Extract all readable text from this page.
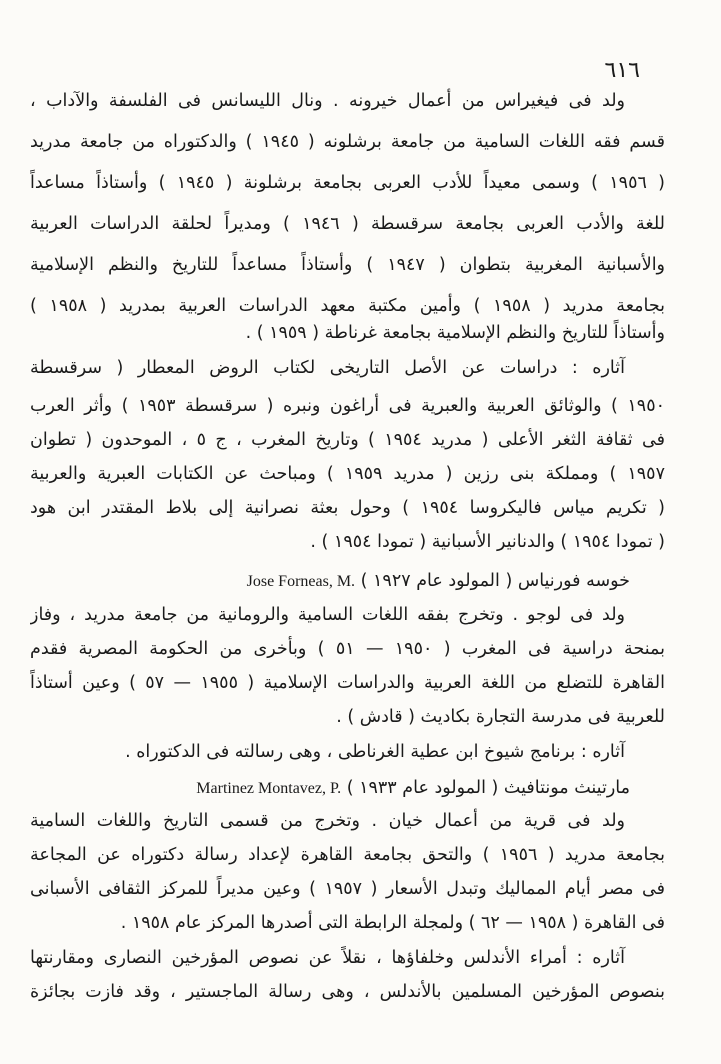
٦١٦
ولد فى فيغيراس من أعمال خيرونه . ونال الليسانس فى الفلسفة والآداب ،
قسم فقه اللغات السامية من جامعة برشلونه ( ١٩٤٥ ) والدكتوراه من جامعة مدريد
( ١٩٥٦ ) وسمى معيداً للأدب العربى بجامعة برشلونة ( ١٩٤٥ ) وأستاذاً مساعداً
للغة والأدب العربى بجامعة سرقسطة ( ١٩٤٦ ) ومديراً لحلقة الدراسات العربية
والأسبانية المغربية بتطوان ( ١٩٤٧ ) وأستاذاً مساعداً للتاريخ والنظم الإسلامية
بجامعة مدريد ( ١٩٥٨ ) وأمين مكتبة معهد الدراسات العربية بمدريد ( ١٩٥٨ )
وأستاذاً للتاريخ والنظم الإسلامية بجامعة غرناطة ( ١٩٥٩ ) .
آثاره : دراسات عن الأصل التاريخى لكتاب الروض المعطار ( سرقسطة
١٩٥٠ ) والوثائق العربية والعبرية فى أراغون ونبره ( سرقسطة ١٩٥٣ ) وأثر العرب
فى ثقافة الثغر الأعلى ( مدريد ١٩٥٤ ) وتاريخ المغرب ، ج ٥ ، الموحدون ( تطوان
١٩٥٧ ) ومملكة بنى رزين ( مدريد ١٩٥٩ ) ومباحث عن الكتابات العبرية والعربية
( تكريم مياس فاليكروسا ١٩٥٤ ) وحول بعثة نصرانية إلى بلاط المقتدر ابن هود
( تمودا ١٩٥٤ ) والدنانير الأسبانية ( تمودا ١٩٥٤ ) .
خوسه فورنياس ( المولود عام ١٩٢٧ ) Jose Forneas, M.
ولد فى لوجو . وتخرج بفقه اللغات السامية والرومانية من جامعة مدريد ، وفاز
بمنحة دراسية فى المغرب ( ١٩٥٠ — ٥١ ) وبأخرى من الحكومة المصرية فقدم
القاهرة للتضلع من اللغة العربية والدراسات الإسلامية ( ١٩٥٥ — ٥٧ ) وعين أستاذاً
للعربية فى مدرسة التجارة بكاديث ( قادش ) .
آثاره : برنامج شيوخ ابن عطية الغرناطى ، وهى رسالته فى الدكتوراه .
مارتينث مونتافيث ( المولود عام ١٩٣٣ ) Martinez Montavez, P.
ولد فى قرية من أعمال خيان . وتخرج من قسمى التاريخ واللغات السامية
بجامعة مدريد ( ١٩٥٦ ) والتحق بجامعة القاهرة لإعداد رسالة دكتوراه عن المجاعة
فى مصر أيام المماليك وتبدل الأسعار ( ١٩٥٧ ) وعين مديراً للمركز الثقافى الأسبانى
فى القاهرة ( ١٩٥٨ — ٦٢ ) ولمجلة الرابطة التى أصدرها المركز عام ١٩٥٨ .
آثاره : أمراء الأندلس وخلفاؤها ، نقلاً عن نصوص المؤرخين النصارى ومقارنتها
بنصوص المؤرخين المسلمين بالأندلس ، وهى رسالة الماجستير ، وقد فازت بجائزة
